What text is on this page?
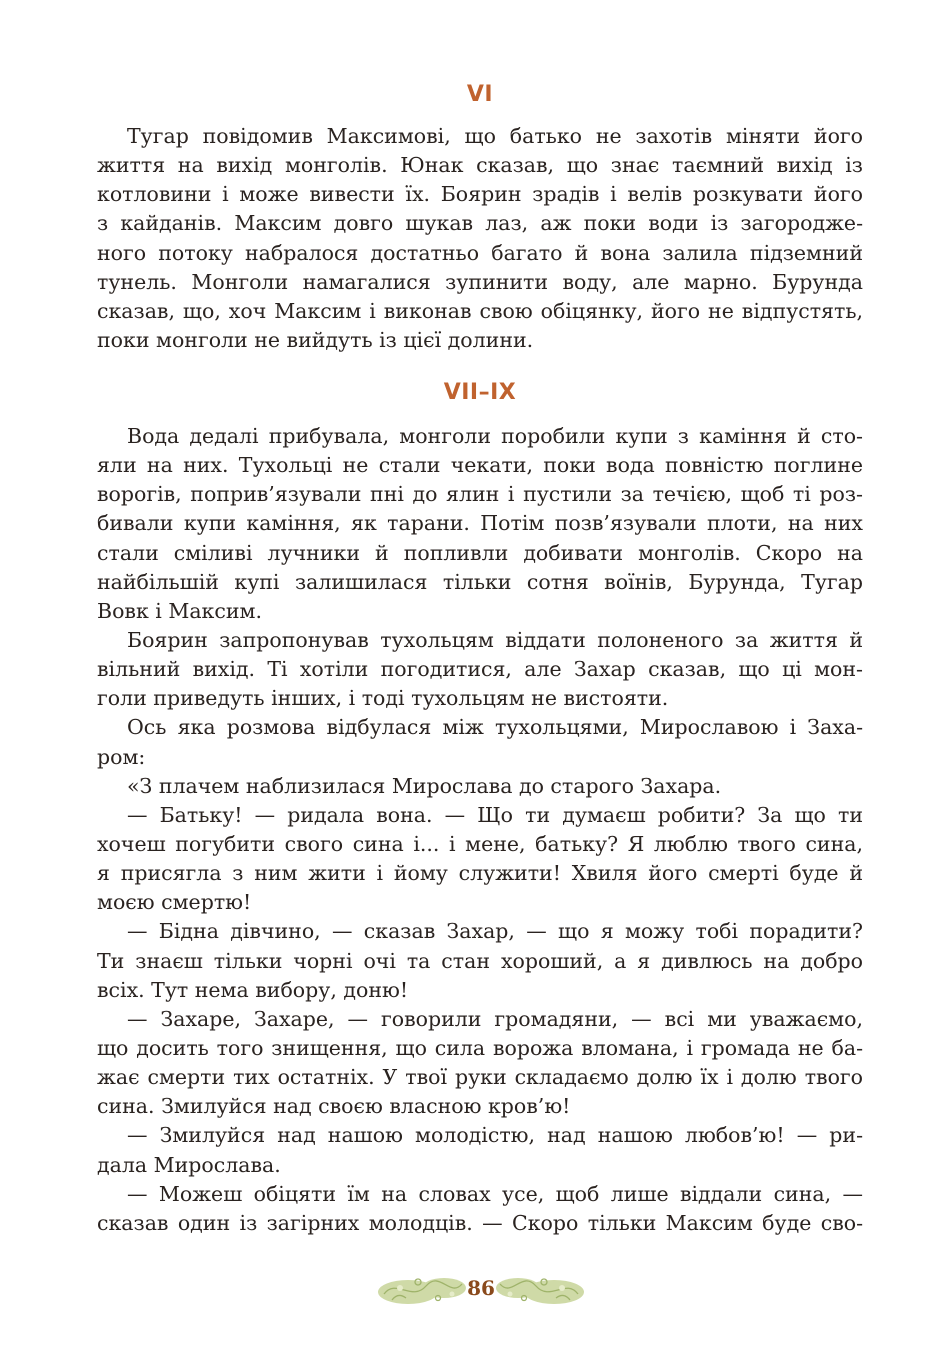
VI
Тугар повідомив Максимові, що батько не захотів міняти його
життя на вихід монголів. Юнак сказав, що знає таємний вихід із
котловини і може вивести їх. Боярин зрадів і велів розкувати його
з кайданів. Максим довго шукав лаз, аж поки води із загородже-
ного потоку набралося достатньо багато й вона залила підземний
тунель. Монголи намагалися зупинити воду, але марно. Бурунда
сказав, що, хоч Максим і виконав свою обіцянку, його не відпустять,
поки монголи не вийдуть із цієї долини.
VII–IX
Вода дедалі прибувала, монголи поробили купи з каміння й сто-
яли на них. Тухольці не стали чекати, поки вода повністю поглине
ворогів, поприв’язували пні до ялин і пустили за течією, щоб ті роз-
бивали купи каміння, як тарани. Потім позв’язували плоти, на них
стали сміливі лучники й попливли добивати монголів. Скоро на
найбільшій купі залишилася тільки сотня воїнів, Бурунда, Тугар
Вовк і Максим.
Боярин запропонував тухольцям віддати полоненого за життя й
вільний вихід. Ті хотіли погодитися, але Захар сказав, що ці мон-
голи приведуть інших, і тоді тухольцям не вистояти.
Ось яка розмова відбулася між тухольцями, Мирославою і Заха-
ром:
«З плачем наблизилася Мирослава до старого Захара.
— Батьку! — ридала вона. — Що ти думаєш робити? За що ти
хочеш погубити свого сина і... і мене, батьку? Я люблю твого сина,
я присягла з ним жити і йому служити! Хвиля його смерті буде й
моєю смертю!
— Бідна дівчино, — сказав Захар, — що я можу тобі порадити?
Ти знаєш тільки чорні очі та стан хороший, а я дивлюсь на добро
всіх. Тут нема вибору, доню!
— Захаре, Захаре, — говорили громадяни, — всі ми уважаємо,
що досить того знищення, що сила ворожа вломана, і громада не ба-
жає смерти тих остатніх. У твої руки складаємо долю їх і долю твого
сина. Змилуйся над своєю власною кров’ю!
— Змилуйся над нашою молодістю, над нашою любов’ю! — ри-
дала Мирослава.
— Можеш обіцяти їм на словах усе, щоб лише віддали сина, —
сказав один із загірних молодців. — Скоро тільки Максим буде сво-
86
